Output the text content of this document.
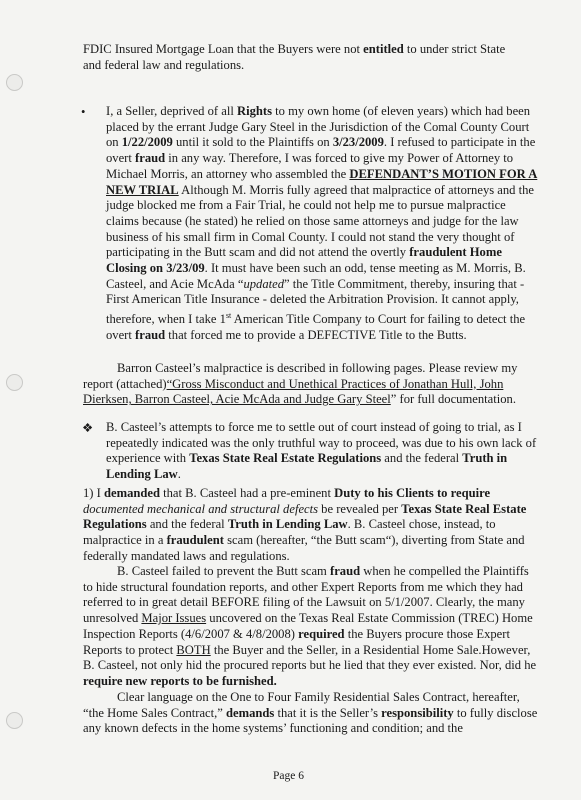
FDIC Insured Mortgage Loan that the Buyers were not entitled to under strict State

and federal law and regulations.

• I, a Seller, deprived of all Rights to my own home (of eleven years) which had been placed by the errant Judge Gary Steel in the Jurisdiction of the Comal County Court on 1/22/2009 until it sold to the Plaintiffs on 3/23/2009. I refused to participate in the overt fraud in any way. Therefore, I was forced to give my Power of Attorney to Michael Morris, an attorney who assembled the DEFENDANT’S MOTION FOR A NEW TRIAL Although M. Morris fully agreed that malpractice of attorneys and the judge blocked me from a Fair Trial, he could not help me to pursue malpractice claims because (he stated) he relied on those same attorneys and judge for the law business of his small firm in Comal County. I could not stand the very thought of participating in the Butt scam and did not attend the overtly fraudulent Home Closing on 3/23/09. It must have been such an odd, tense meeting as M. Morris, B. Casteel, and Acie McAda “updated” the Title Commitment, thereby, insuring that - First American Title Insurance - deleted the Arbitration Provision. It cannot apply, therefore, when I take 1st American Title Company to Court for failing to detect the overt fraud that forced me to provide a DEFECTIVE Title to the Butts.
Barron Casteel’s malpractice is described in following pages. Please review my report (attached)“Gross Misconduct and Unethical Practices of Jonathan Hull, John Dierksen, Barron Casteel, Acie McAda and Judge Gary Steel” for full documentation.
❖ B. Casteel’s attempts to force me to settle out of court instead of going to trial, as I repeatedly indicated was the only truthful way to proceed, was due to his own lack of experience with Texas State Real Estate Regulations and the federal Truth in Lending Law.
1) I demanded that B. Casteel had a pre-eminent Duty to his Clients to require documented mechanical and structural defects be revealed per Texas State Real Estate Regulations and the federal Truth in Lending Law. B. Casteel chose, instead, to malpractice in a fraudulent scam (hereafter, “the Butt scam“), diverting from State and federally mandated laws and regulations.
B. Casteel failed to prevent the Butt scam fraud when he compelled the Plaintiffs to hide structural foundation reports, and other Expert Reports from me which they had referred to in great detail BEFORE filing of the Lawsuit on 5/1/2007. Clearly, the many unresolved Major Issues uncovered on the Texas Real Estate Commission (TREC) Home Inspection Reports (4/6/2007 & 4/8/2008) required the Buyers procure those Expert Reports to protect BOTH the Buyer and the Seller, in a Residential Home Sale.However, B. Casteel, not only hid the procured reports but he lied that they ever existed. Nor, did he require new reports to be furnished.
Clear language on the One to Four Family Residential Sales Contract, hereafter, “the Home Sales Contract,” demands that it is the Seller’s responsibility to fully disclose any known defects in the home systems’ functioning and condition; and the
Page 6
